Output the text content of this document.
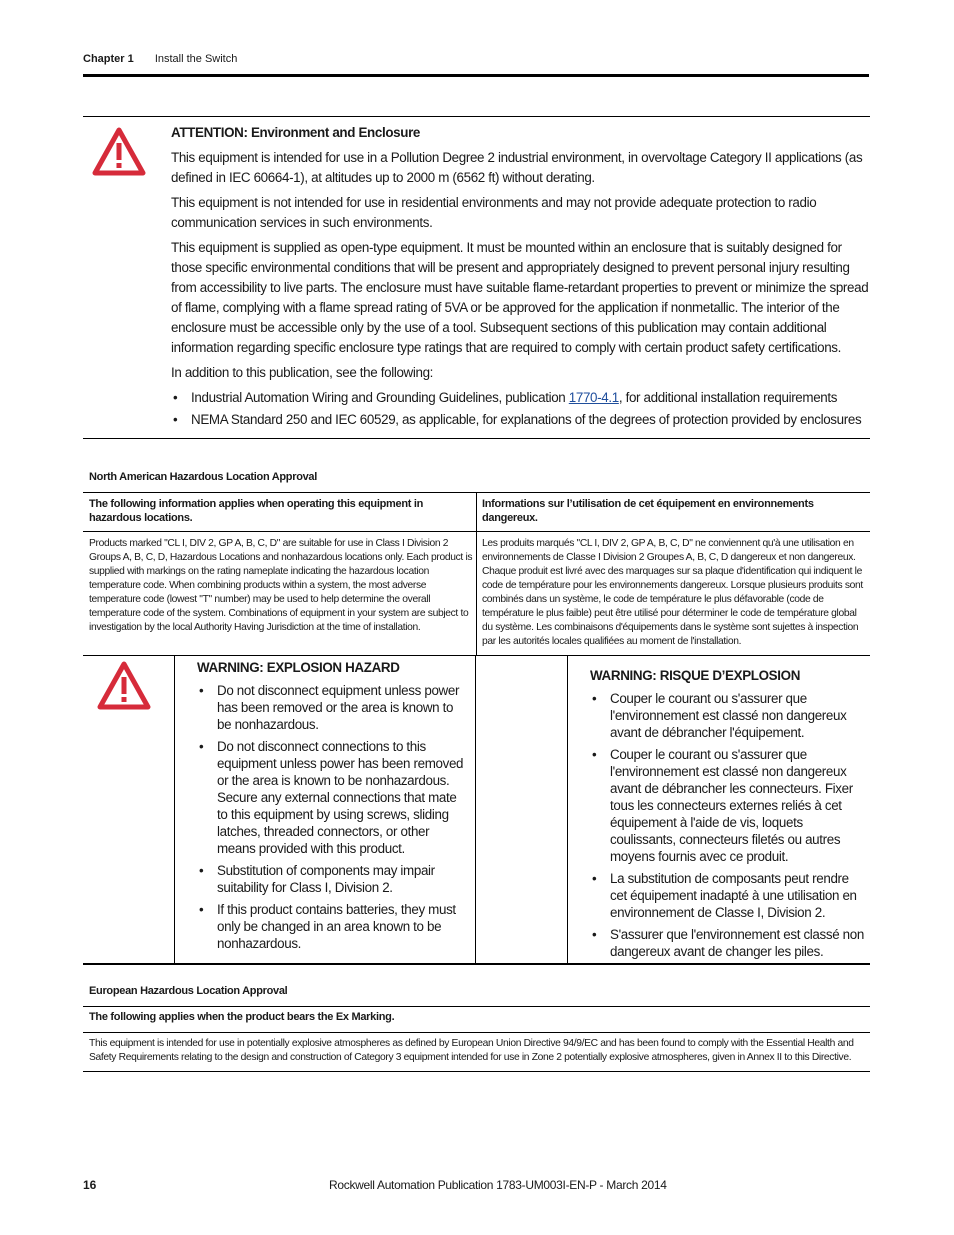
Chapter 1 Install the Switch
ATTENTION: Environment and Enclosure

This equipment is intended for use in a Pollution Degree 2 industrial environment, in overvoltage Category II applications (as defined in IEC 60664-1), at altitudes up to 2000 m (6562 ft) without derating.

This equipment is not intended for use in residential environments and may not provide adequate protection to radio communication services in such environments.

This equipment is supplied as open-type equipment. It must be mounted within an enclosure that is suitably designed for those specific environmental conditions that will be present and appropriately designed to prevent personal injury resulting from accessibility to live parts. The enclosure must have suitable flame-retardant properties to prevent or minimize the spread of flame, complying with a flame spread rating of 5VA or be approved for the application if nonmetallic. The interior of the enclosure must be accessible only by the use of a tool. Subsequent sections of this publication may contain additional information regarding specific enclosure type ratings that are required to comply with certain product safety certifications.

In addition to this publication, see the following:

• Industrial Automation Wiring and Grounding Guidelines, publication 1770-4.1, for additional installation requirements
• NEMA Standard 250 and IEC 60529, as applicable, for explanations of the degrees of protection provided by enclosures
North American Hazardous Location Approval
The following information applies when operating this equipment in hazardous locations.
Informations sur l’utilisation de cet équipement en environnements dangereux.
Products marked "CL I, DIV 2, GP A, B, C, D" are suitable for use in Class I Division 2 Groups A, B, C, D, Hazardous Locations and nonhazardous locations only. Each product is supplied with markings on the rating nameplate indicating the hazardous location temperature code. When combining products within a system, the most adverse temperature code (lowest "T" number) may be used to help determine the overall temperature code of the system. Combinations of equipment in your system are subject to investigation by the local Authority Having Jurisdiction at the time of installation.
Les produits marqués "CL I, DIV 2, GP A, B, C, D" ne conviennent qu'à une utilisation en environnements de Classe I Division 2 Groupes A, B, C, D dangereux et non dangereux. Chaque produit est livré avec des marquages sur sa plaque d'identification qui indiquent le code de température pour les environnements dangereux. Lorsque plusieurs produits sont combinés dans un système, le code de température le plus défavorable (code de température le plus faible) peut être utilisé pour déterminer le code de température global du système. Les combinaisons d'équipements dans le système sont sujettes à inspection par les autorités locales qualifiées au moment de l'installation.
WARNING: EXPLOSION HAZARD
• Do not disconnect equipment unless power has been removed or the area is known to be nonhazardous.
• Do not disconnect connections to this equipment unless power has been removed or the area is known to be nonhazardous. Secure any external connections that mate to this equipment by using screws, sliding latches, threaded connectors, or other means provided with this product.
• Substitution of components may impair suitability for Class I, Division 2.
• If this product contains batteries, they must only be changed in an area known to be nonhazardous.
WARNING: RISQUE D’EXPLOSION
• Couper le courant ou s'assurer que l'environnement est classé non dangereux avant de débrancher l'équipement.
• Couper le courant ou s'assurer que l'environnement est classé non dangereux avant de débrancher les connecteurs. Fixer tous les connecteurs externes reliés à cet équipement à l'aide de vis, loquets coulissants, connecteurs filetés ou autres moyens fournis avec ce produit.
• La substitution de composants peut rendre cet équipement inadapté à une utilisation en environnement de Classe I, Division 2.
• S'assurer que l'environnement est classé non dangereux avant de changer les piles.
European Hazardous Location Approval
The following applies when the product bears the Ex Marking.
This equipment is intended for use in potentially explosive atmospheres as defined by European Union Directive 94/9/EC and has been found to comply with the Essential Health and Safety Requirements relating to the design and construction of Category 3 equipment intended for use in Zone 2 potentially explosive atmospheres, given in Annex II to this Directive.
16	Rockwell Automation Publication 1783-UM003I-EN-P - March 2014
